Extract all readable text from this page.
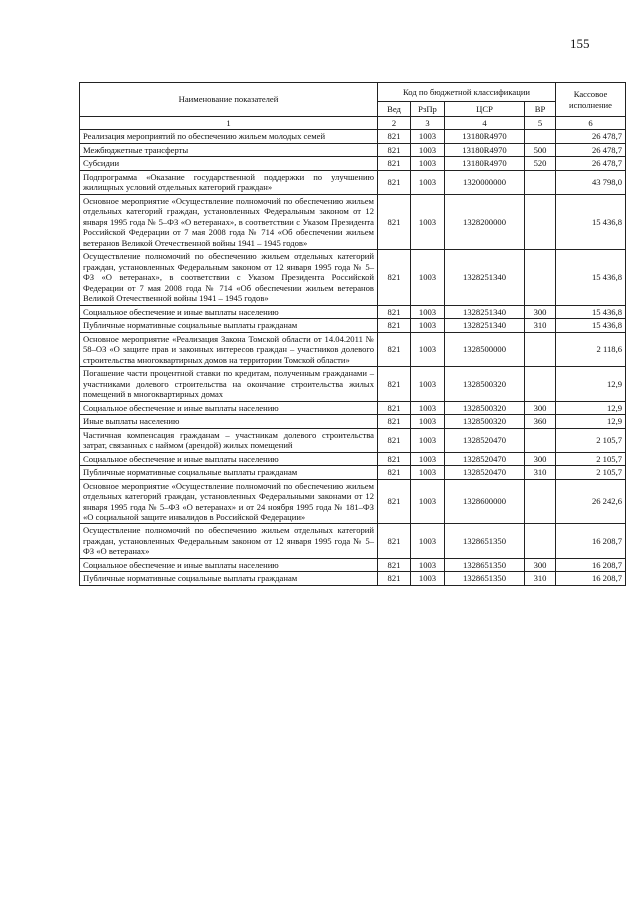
155
Наименование показателей	Код по бюджетной классификации				Кассовое исполнение
	Вед	РзПр	ЦСР	ВР	
1	2	3	4	5	6
Реализация мероприятий по обеспечению жильем молодых семей	821	1003	13180R4970		26 478,7
Межбюджетные трансферты	821	1003	13180R4970	500	26 478,7
Субсидии	821	1003	13180R4970	520	26 478,7
Подпрограмма «Оказание государственной поддержки по улучшению жилищных условий отдельных категорий граждан»	821	1003	1320000000		43 798,0
Основное мероприятие «Осуществление полномочий по обеспечению жильем отдельных категорий граждан, установленных Федеральным законом от 12 января 1995 года № 5–ФЗ «О ветеранах», в соответствии с Указом Президента Российской Федерации от 7 мая 2008 года № 714 «Об обеспечении жильем ветеранов Великой Отечественной войны 1941 – 1945 годов»	821	1003	1328200000		15 436,8
Осуществление полномочий по обеспечению жильем отдельных категорий граждан, установленных Федеральным законом от 12 января 1995 года № 5–ФЗ «О ветеранах», в соответствии с Указом Президента Российской Федерации от 7 мая 2008 года № 714 «Об обеспечении жильем ветеранов Великой Отечественной войны 1941 – 1945 годов»	821	1003	1328251340		15 436,8
Социальное обеспечение и иные выплаты населению	821	1003	1328251340	300	15 436,8
Публичные нормативные социальные выплаты гражданам	821	1003	1328251340	310	15 436,8
Основное мероприятие «Реализация Закона Томской области от 14.04.2011 № 58–ОЗ «О защите прав и законных интересов граждан – участников долевого строительства многоквартирных домов на территории Томской области»	821	1003	1328500000		2 118,6
Погашение части процентной ставки по кредитам, полученным гражданами – участниками долевого строительства на окончание строительства жилых помещений в многоквартирных домах	821	1003	1328500320		12,9
Социальное обеспечение и иные выплаты населению	821	1003	1328500320	300	12,9
Иные выплаты населению	821	1003	1328500320	360	12,9
Частичная компенсация гражданам – участникам долевого строительства затрат, связанных с наймом (арендой) жилых помещений	821	1003	1328520470		2 105,7
Социальное обеспечение и иные выплаты населению	821	1003	1328520470	300	2 105,7
Публичные нормативные социальные выплаты гражданам	821	1003	1328520470	310	2 105,7
Основное мероприятие «Осуществление полномочий по обеспечению жильем отдельных категорий граждан, установленных Федеральными законами от 12 января 1995 года № 5–ФЗ «О ветеранах» и от 24 ноября 1995 года № 181–ФЗ «О социальной защите инвалидов в Российской Федерации»	821	1003	1328600000		26 242,6
Осуществление полномочий по обеспечению жильем отдельных категорий граждан, установленных Федеральным законом от 12 января 1995 года № 5–ФЗ «О ветеранах»	821	1003	1328651350		16 208,7
Социальное обеспечение и иные выплаты населению	821	1003	1328651350	300	16 208,7
Публичные нормативные социальные выплаты гражданам	821	1003	1328651350	310	16 208,7
